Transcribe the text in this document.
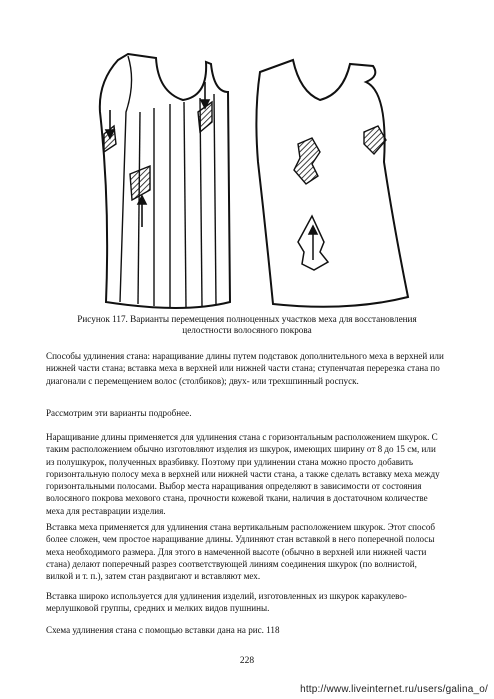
Рисунок 117. Варианты перемещения полноценных участков меха для восстановления
целостности волосяного покрова

Способы удлинения стана: наращивание длины путем подставок дополнительного меха в верхней или нижней части стана; вставка меха в верхней или нижней части стана; ступенчатая перерезка стана по диагонали с перемещением волос (столбиков); двух- или трехшпинный роспуск.

Рассмотрим эти варианты подробнее.

Наращивание длины применяется для удлинения стана с горизонтальным расположением шкурок. С таким расположением обычно изготовляют изделия из шкурок, имеющих ширину от 8 до 15 см, или из полушкурок, полученных вразбивку. Поэтому при удлинении стана можно просто добавить горизонтальную полосу меха в верхней или нижней части стана, а также сделать вставку меха между горизонтальными полосами. Выбор места наращивания определяют в зависимости от состояния волосяного покрова мехового стана, прочности кожевой ткани, наличия в достаточном количестве меха для реставрации изделия.

Вставка меха применяется для удлинения стана вертикальным расположением шкурок. Этот способ более сложен, чем простое наращивание длины. Удлиняют стан вставкой в него поперечной полосы меха необходимого размера. Для этого в намеченной высоте (обычно в верхней или нижней части стана) делают поперечный разрез соответствующей линиям соединения шкурок (по волнистой, вилкой и т. п.), затем стан раздвигают и вставляют мех.

Вставка широко используется для удлинения изделий, изготовленных из шкурок каракулево-мерлушковой группы, средних и мелких видов пушнины.

Схема удлинения стана с помощью вставки дана на рис. 118

228
http://www.liveinternet.ru/users/galina_o/
